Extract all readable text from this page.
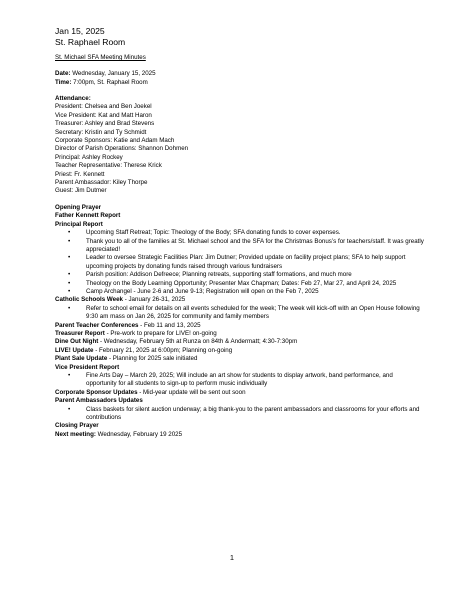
Jan 15, 2025
St. Raphael Room
St. Michael SFA Meeting Minutes
Date: Wednesday, January 15, 2025
Time: 7:00pm, St. Raphael Room
Attendance:
President: Chelsea and Ben Joekel
Vice President: Kat and Matt Haron
Treasurer: Ashley and Brad Stevens
Secretary: Kristin and Ty Schmidt
Corporate Sponsors: Katie and Adam Mach
Director of Parish Operations: Shannon Dohmen
Principal: Ashley Rockey
Teacher Representative: Therese Krick
Priest: Fr. Kennett
Parent Ambassador: Kiley Thorpe
Guest: Jim Dutmer
Opening Prayer
Father Kennett Report
Principal Report
• Upcoming Staff Retreat; Topic: Theology of the Body; SFA donating funds to cover expenses.
• Thank you to all of the families at St. Michael school and the SFA for the Christmas Bonus’s for teachers/staff. It was greatly appreciated!
• Leader to oversee Strategic Facilities Plan: Jim Dutner; Provided update on facility project plans; SFA to help support upcoming projects by donating funds raised through various fundraisers
• Parish position: Addison Defreece; Planning retreats, supporting staff formations, and much more
• Theology on the Body Learning Opportunity; Presenter Max Chapman; Dates: Feb 27, Mar 27, and April 24, 2025
• Camp Archangel - June 2-6 and June 9-13; Registration will open on the Feb 7, 2025
Catholic Schools Week - January 26-31, 2025
• Refer to school email for details on all events scheduled for the week; The week will kick-off with an Open House following 9:30 am mass on Jan 26, 2025 for community and family members
Parent Teacher Conferences - Feb 11 and 13, 2025
Treasurer Report - Pre-work to prepare for LIVE! on-going
Dine Out Night - Wednesday, February 5th at Runza on 84th & Andermatt; 4:30-7:30pm
LIVE! Update - February 21, 2025 at 6:00pm; Planning on-going
Plant Sale Update - Planning for 2025 sale initiated
Vice President Report
• Fine Arts Day – March 29, 2025; Will include an art show for students to display artwork, band performance, and opportunity for all students to sign-up to perform music individually
Corporate Sponsor Updates - Mid-year update will be sent out soon
Parent Ambassadors Updates
• Class baskets for silent auction underway; a big thank-you to the parent ambassadors and classrooms for your efforts and contributions
Closing Prayer
Next meeting: Wednesday, February 19 2025
1
